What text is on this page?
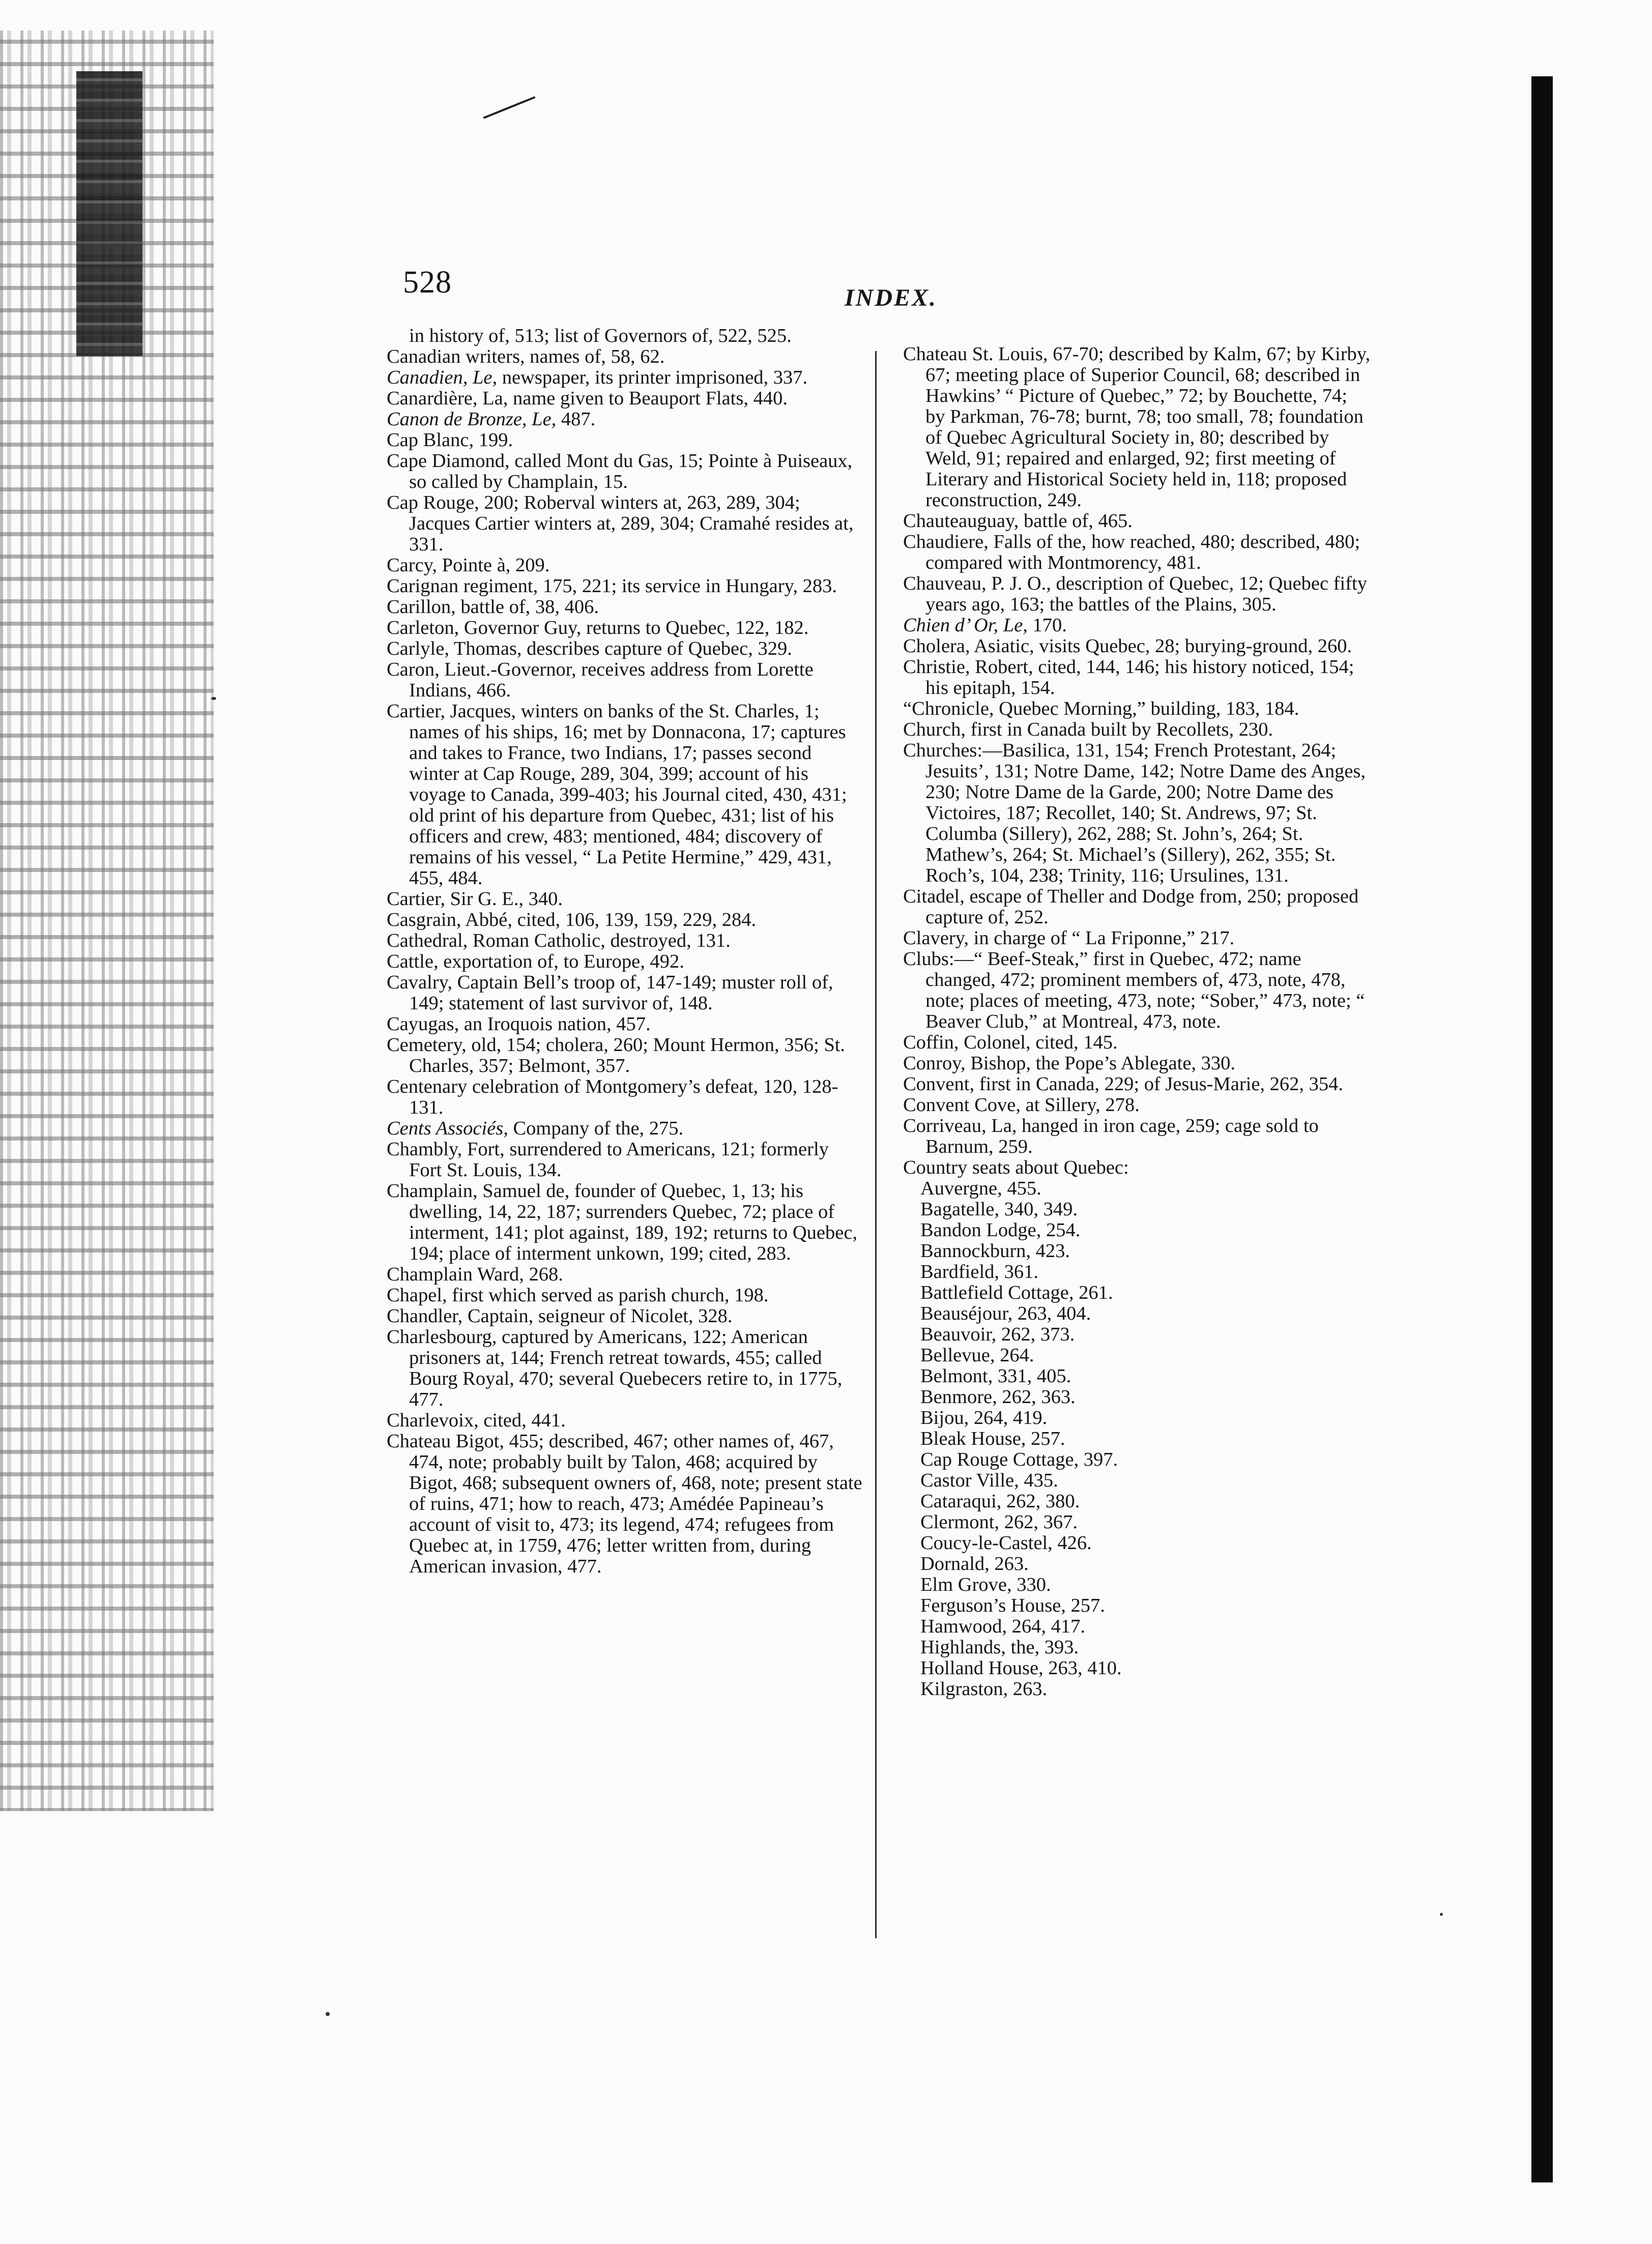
528	INDEX.

in history of, 513; list of Governors of, 522, 525.

Canadian writers, names of, 58, 62.

Canadien, Le, newspaper, its printer imprisoned, 337.

Canardière, La, name given to Beauport Flats, 440.

Canon de Bronze, Le, 487.

Cap Blanc, 199.

Cape Diamond, called Mont du Gas, 15; Pointe à Puiseaux, so called by Champlain, 15.

Cap Rouge, 200; Roberval winters at, 263, 289, 304; Jacques Cartier winters at, 289, 304; Cramahé resides at, 331.

Carcy, Pointe à, 209.

Carignan regiment, 175, 221; its service in Hungary, 283.

Carillon, battle of, 38, 406.

Carleton, Governor Guy, returns to Quebec, 122, 182.

Carlyle, Thomas, describes capture of Quebec, 329.

Caron, Lieut.-Governor, receives address from Lorette Indians, 466.

Cartier, Jacques, winters on banks of the St. Charles, 1; names of his ships, 16; met by Donnacona, 17; captures and takes to France, two Indians, 17; passes second winter at Cap Rouge, 289, 304, 399; account of his voyage to Canada, 399-403; his Journal cited, 430, 431; old print of his departure from Quebec, 431; list of his officers and crew, 483; mentioned, 484; discovery of remains of his vessel, “ La Petite Hermine,” 429, 431, 455, 484.

Cartier, Sir G. E., 340.

Casgrain, Abbé, cited, 106, 139, 159, 229, 284.

Cathedral, Roman Catholic, destroyed, 131.

Cattle, exportation of, to Europe, 492.

Cavalry, Captain Bell’s troop of, 147-149; muster roll of, 149; statement of last survivor of, 148.

Cayugas, an Iroquois nation, 457.

Cemetery, old, 154; cholera, 260; Mount Hermon, 356; St. Charles, 357; Belmont, 357.

Centenary celebration of Montgomery’s defeat, 120, 128-131.

Cents Associés, Company of the, 275.

Chambly, Fort, surrendered to Americans, 121; formerly Fort St. Louis, 134.

Champlain, Samuel de, founder of Quebec, 1, 13; his dwelling, 14, 22, 187; surrenders Quebec, 72; place of interment, 141; plot against, 189, 192; returns to Quebec, 194; place of interment unkown, 199; cited, 283.

Champlain Ward, 268.

Chapel, first which served as parish church, 198.

Chandler, Captain, seigneur of Nicolet, 328.

Charlesbourg, captured by Americans, 122; American prisoners at, 144; French retreat towards, 455; called Bourg Royal, 470; several Quebecers retire to, in 1775, 477.

Charlevoix, cited, 441.

Chateau Bigot, 455; described, 467; other names of, 467, 474, note; probably built by Talon, 468; acquired by Bigot, 468; subsequent owners of, 468, note; present state of ruins, 471; how to reach, 473; Amédée Papineau’s account of visit to, 473; its legend, 474; refugees from Quebec at, in 1759, 476; letter written from, during American invasion, 477.

Chateau St. Louis, 67-70; described by Kalm, 67; by Kirby, 67; meeting place of Superior Council, 68; described in Hawkins’ “ Picture of Quebec,” 72; by Bouchette, 74; by Parkman, 76-78; burnt, 78; too small, 78; foundation of Quebec Agricultural Society in, 80; described by Weld, 91; repaired and enlarged, 92; first meeting of Literary and Historical Society held in, 118; proposed reconstruction, 249.

Chauteauguay, battle of, 465.

Chaudiere, Falls of the, how reached, 480; described, 480; compared with Montmorency, 481.

Chauveau, P. J. O., description of Quebec, 12; Quebec fifty years ago, 163; the battles of the Plains, 305.

Chien d’ Or, Le, 170.

Cholera, Asiatic, visits Quebec, 28; burying-ground, 260.

Christie, Robert, cited, 144, 146; his history noticed, 154; his epitaph, 154.

“Chronicle, Quebec Morning,” building, 183, 184.

Church, first in Canada built by Recollets, 230.

Churches:—Basilica, 131, 154; French Protestant, 264; Jesuits’, 131; Notre Dame, 142; Notre Dame des Anges, 230; Notre Dame de la Garde, 200; Notre Dame des Victoires, 187; Recollet, 140; St. Andrews, 97; St. Columba (Sillery), 262, 288; St. John’s, 264; St. Mathew’s, 264; St. Michael’s (Sillery), 262, 355; St. Roch’s, 104, 238; Trinity, 116; Ursulines, 131.

Citadel, escape of Theller and Dodge from, 250; proposed capture of, 252.

Clavery, in charge of “ La Friponne,” 217.

Clubs:—“ Beef-Steak,” first in Quebec, 472; name changed, 472; prominent members of, 473, note, 478, note; places of meeting, 473, note; “Sober,” 473, note; “ Beaver Club,” at Montreal, 473, note.

Coffin, Colonel, cited, 145.

Conroy, Bishop, the Pope’s Ablegate, 330.

Convent, first in Canada, 229; of Jesus-Marie, 262, 354.

Convent Cove, at Sillery, 278.

Corriveau, La, hanged in iron cage, 259; cage sold to Barnum, 259.

Country seats about Quebec:

Auvergne, 455.

Bagatelle, 340, 349.

Bandon Lodge, 254.

Bannockburn, 423.

Bardfield, 361.

Battlefield Cottage, 261.

Beauséjour, 263, 404.

Beauvoir, 262, 373.

Bellevue, 264.

Belmont, 331, 405.

Benmore, 262, 363.

Bijou, 264, 419.

Bleak House, 257.

Cap Rouge Cottage, 397.

Castor Ville, 435.

Cataraqui, 262, 380.

Clermont, 262, 367.

Coucy-le-Castel, 426.

Dornald, 263.

Elm Grove, 330.

Ferguson’s House, 257.

Hamwood, 264, 417.

Highlands, the, 393.

Holland House, 263, 410.

Kilgraston, 263.
